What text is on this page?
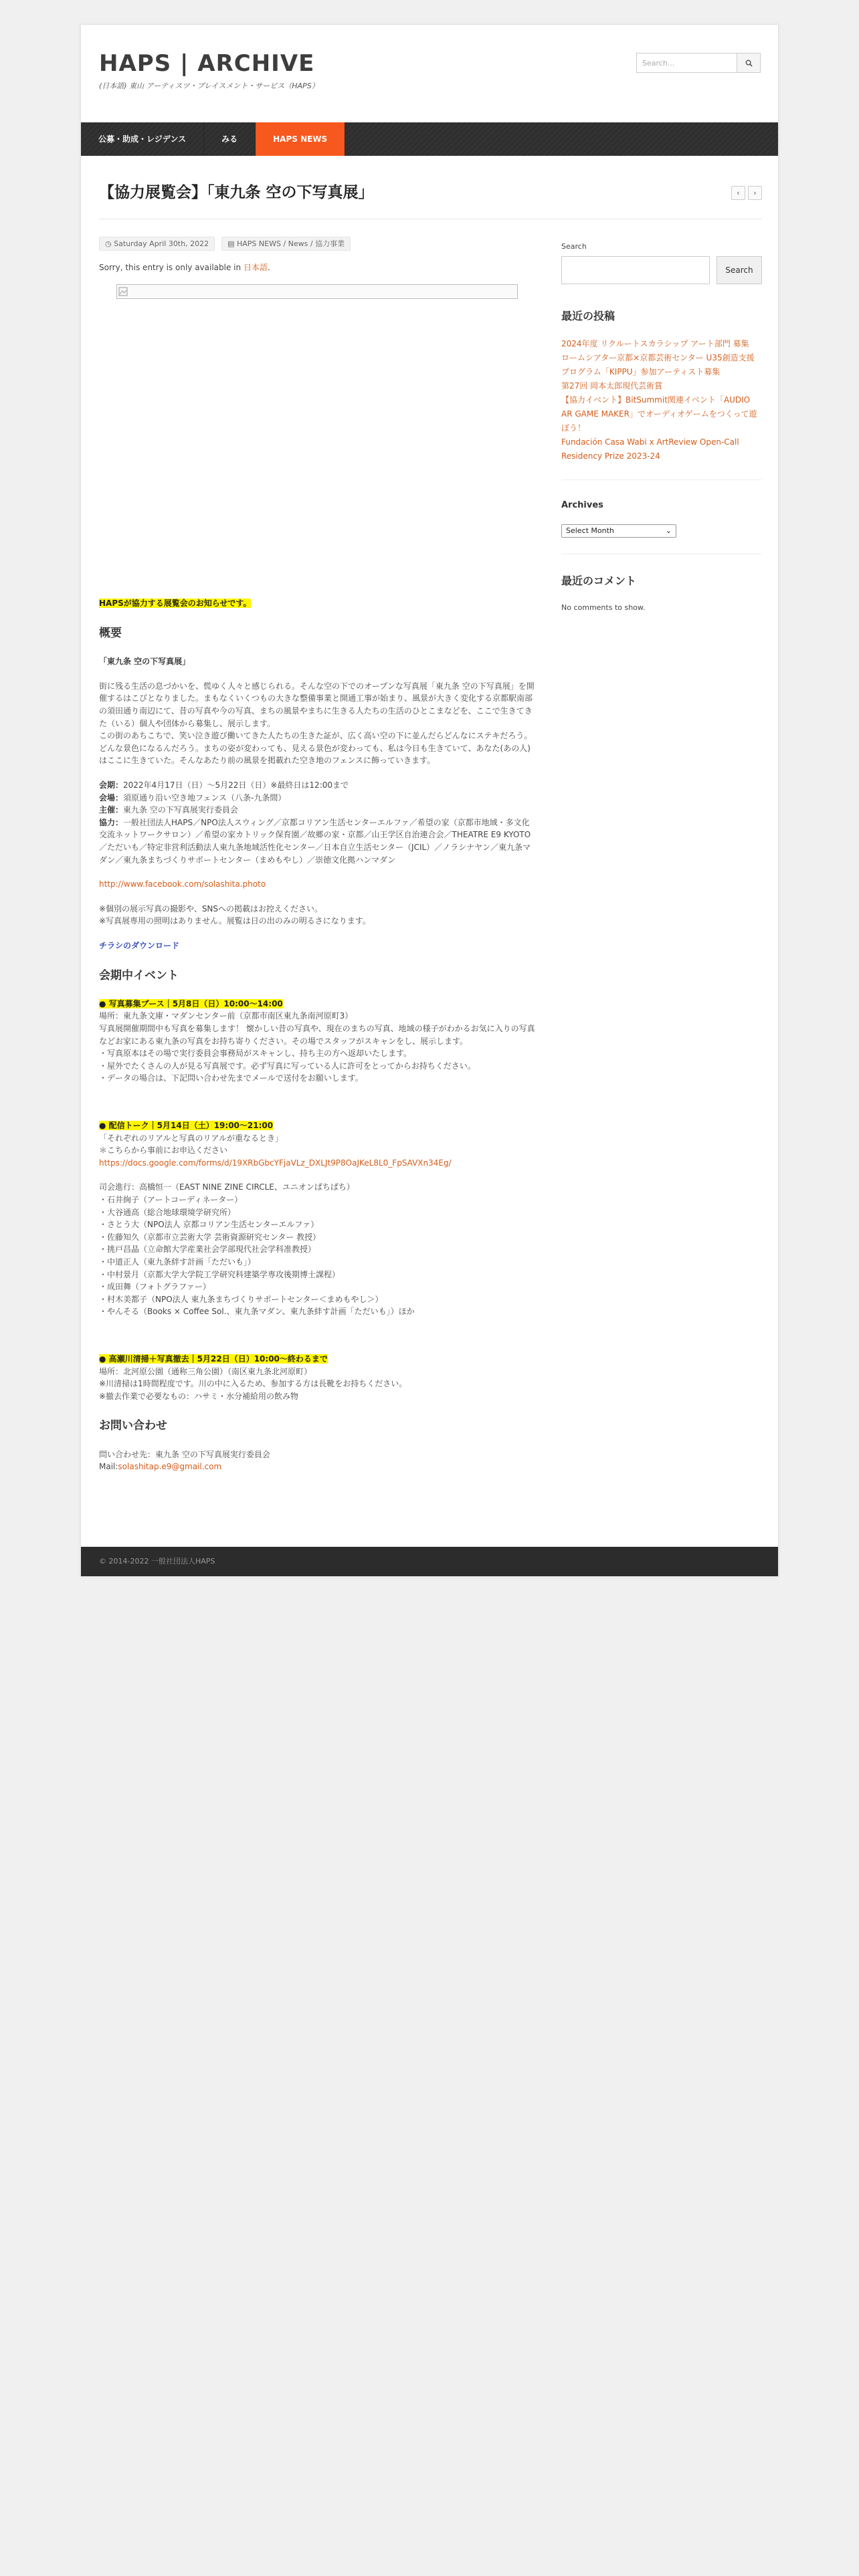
HAPS | ARCHIVE
(日本語) 東山 アーティスツ・プレイスメント・サービス（HAPS）
Search...
公募・助成・レジデンス	みる	HAPS NEWS
【協力展覧会】「東九条 空の下写真展」	‹	›
◷ Saturday April 30th, 2022	▤ HAPS NEWS / News / 協力事業

Sorry, this entry is only available in 日本語.

HAPSが協力する展覧会のお知らせです。

概要

「東九条 空の下写真展」

街に残る生活の息づかいを、慌ゆく人々と感じられる。そんな空の下でのオープンな写真展「東九条 空の下写真展」を開催するはこびとなりました。まもなくいくつもの大きな整備事業と開通工事が始まり、風景が大きく変化する京都駅南部の須田通り南辺にて、昔の写真や今の写真、まちの風景やまちに生きる人たちの生活のひとこまなどを、ここで生きてきた（いる）個人や団体から募集し、展示します。

この街のあちこちで、笑い泣き遊び働いてきた人たちの生きた証が、広く高い空の下に並んだらどんなにステキだろう。どんな景色になるんだろう。まちの姿が変わっても、見える景色が変わっても、私は今日も生きていて、あなた(あの人)はここに生きていた。そんなあたり前の風景を掲載れた空き地のフェンスに飾っていきます。

会期：2022年4月17日（日）〜5月22日（日）※最終日は12:00まで

会場：須原通り沿い空き地フェンス（八条-九条間）

主催：東九条 空の下写真展実行委員会

協力：一般社団法人HAPS／NPO法人スウィング／京都コリアン生活センターエルファ／希望の家（京都市地域・多文化交流ネットワークサロン）／希望の家カトリック保育園／故郷の家・京都／山王学区自治連合会／THEATRE E9 KYOTO／ただいも／特定非営利活動法人東九条地域活性化センター／日本自立生活センター（JCIL）／ノラシナヤン／東九条マダン／東九条まちづくりサポートセンター（まめもやし）／崇徳文化拠ハンマダン

http://www.facebook.com/solashita.photo

※個別の展示写真の撮影や、SNSへの掲載はお控えください。

※写真展専用の照明はありません。展覧は日の出のみの明るさになります。

チラシのダウンロード

会期中イベント

● 写真募集ブース｜5月8日（日）10:00〜14:00

場所：東九条文庫・マダンセンター前（京都市南区東九条南河原町3）

写真展開催期間中も写真を募集します！ 懐かしい昔の写真や、現在のまちの写真、地域の様子がわかるお気に入りの写真などお家にある東九条の写真をお持ち寄りください。その場でスタッフがスキャンをし、展示します。

・写真原本はその場で実行委員会事務局がスキャンし、持ち主の方へ返却いたします。

・屋外でたくさんの人が見る写真展です。必ず写真に写っている人に許可をとってからお持ちください。

・データの場合は、下記問い合わせ先までメールで送付をお願いします。

● 配信トーク｜5月14日（土）19:00〜21:00

「それぞれのリアルと写真のリアルが重なるとき」

＊こちらから事前にお申込ください

https://docs.google.com/forms/d/19XRbGbcYFjaVLz_DXLJt9P8OaJKeL8L0_FpSAVXn34Eg/

司会進行：高橋恒一（EAST NINE ZINE CIRCLE、ユニオンぱちぱち）

・石井絢子（アートコーディネーター）

・大谷通高（総合地球環境学研究所）

・さとう大（NPO法人 京都コリアン生活センターエルファ）

・佐藤知久（京都市立芸術大学 芸術資源研究センター 教授）

・挑戸昌晶（立命館大学産業社会学部現代社会学科准教授）

・中道正人（東九条絆す計画「ただいも」）

・中村景月（京都大学大学院工学研究科建築学専攻後期博士課程）

・成田舞（フォトグラファー）

・村木美都子（NPO法人 東九条まちづくりサポートセンター＜まめもやし＞）

・やんそる（Books × Coffee Sol.、東九条マダン、東九条絆す計画「ただいも」）ほか

● 高瀬川清掃＋写真撤去｜5月22日（日）10:00〜終わるまで

場所：北河原公園（通称三角公園）（南区東九条北河原町）

※川清掃は1時間程度です。川の中に入るため、参加する方は長靴をお持ちください。

※撤去作業で必要なもの：ハサミ・水分補給用の飲み物

お問い合わせ

問い合わせ先：東九条 空の下写真展実行委員会

Mail:solashitap.e9@gmail.com

Search
Search
最近の投稿
2024年度 リクルートスカラシップ アート部門 募集
ロームシアター京都×京都芸術センター U35創造支援プログラム「KIPPU」参加アーティスト募集
第27回 岡本太郎現代芸術賞
【協力イベント】BitSummit関連イベント「AUDIO AR GAME MAKER」でオーディオゲームをつくって遊ぼう！
Fundación Casa Wabi x ArtReview Open-Call Residency Prize 2023-24
Archives
Select Month	⌄
最近のコメント

No comments to show.

© 2014-2022 一般社団法人HAPS
